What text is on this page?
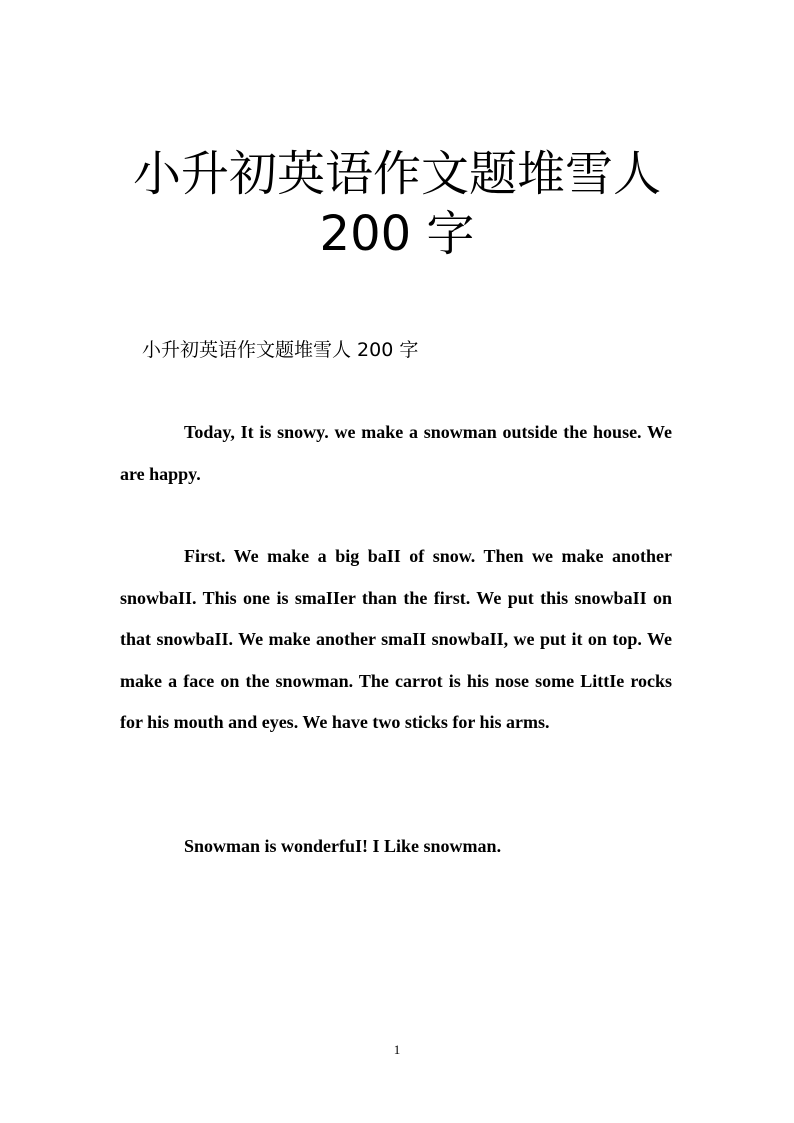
小升初英语作文题堆雪人
200 字

小升初英语作文题堆雪人 200 字

Today, It is snowy. we make a snowman outside the house. We are happy.

First. We make a big baII of snow. Then we make another snowbaII. This one is smaIIer than the first. We put this snowbaII on that snowbaII. We make another smaII snowbaII, we put it on top. We make a face on the snowman. The carrot is his nose some LittIe rocks for his mouth and eyes. We have two sticks for his arms.

Snowman is wonderfuI! I Like snowman.

1
